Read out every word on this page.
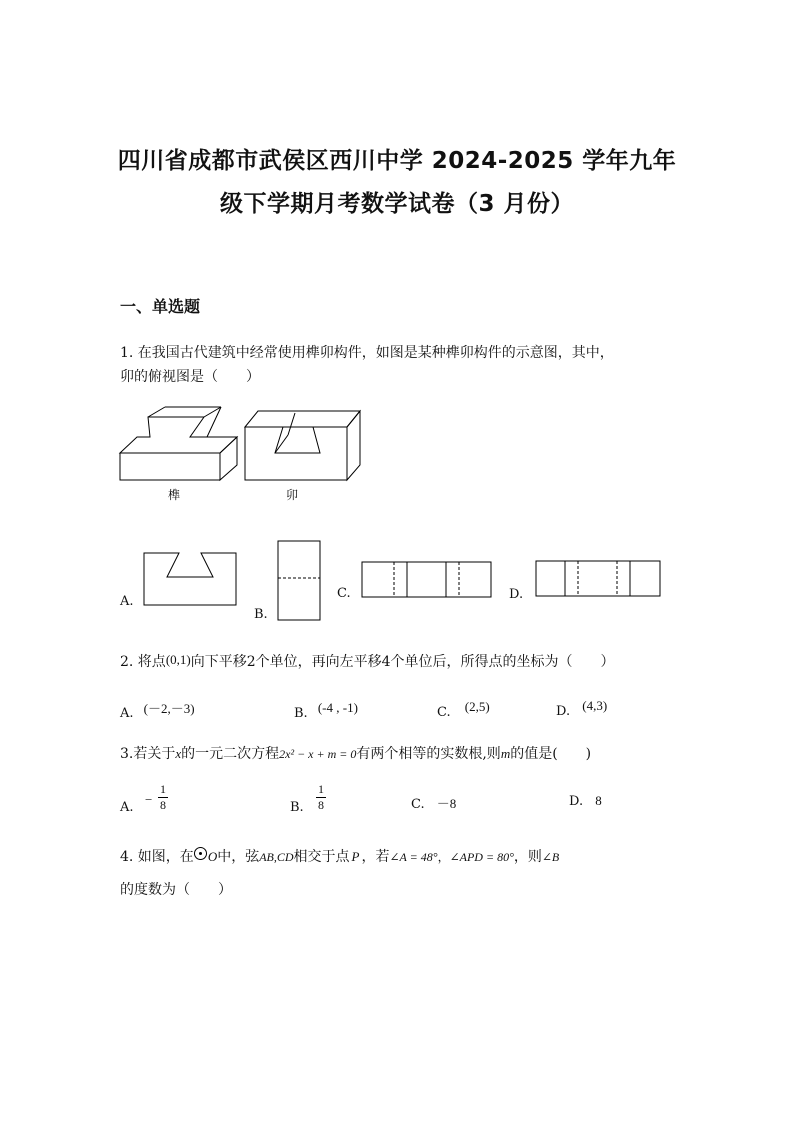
四川省成都市武侯区西川中学 2024-2025 学年九年
级下学期月考数学试卷（3 月份）
一、单选题
1. 在我国古代建筑中经常使用榫卯构件，如图是某种榫卯构件的示意图，其中，
卯的俯视图是（　　）
榫	卯
A.
B.
C.	D.
2. 将点(0,1)向下平移2个单位，再向左平移4个单位后，所得点的坐标为（　　）
A. (－2,－3)	B. (-4 , -1)	C. (2,5)	D. (4,3)
3.若关于x的一元二次方程2x² − x + m = 0有两个相等的实数根,则m的值是(　　)
A.
−
1
8	B.
1
8	C. －8	D. 8
4. 如图，在 O中，弦AB,CD相交于点 P ，若∠A = 48°，∠APD = 80°，则∠B
的度数为（　　）
